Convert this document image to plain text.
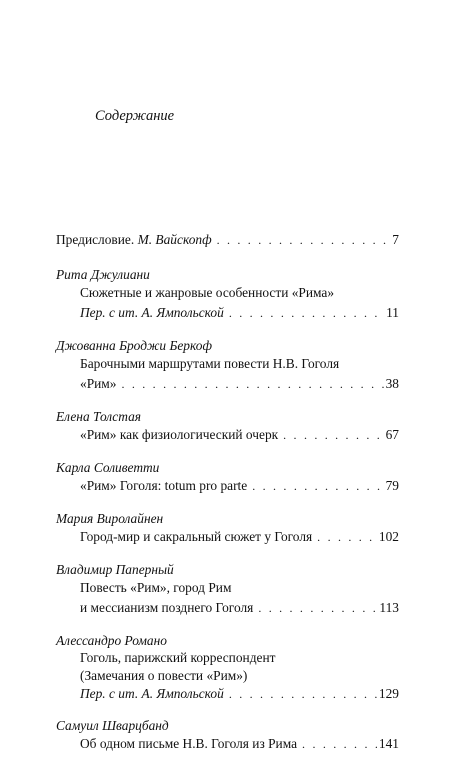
Содержание
Предисловие. М. Вайскопф . . .	7
Рита Джулиани
Сюжетные и жанровые особенности «Рима»
Пер. с ит. А. Ямпольской . . .	11
Джованна Броджи Беркоф
Барочными маршрутами повести Н.В. Гоголя
«Рим» . . .	38
Елена Толстая
«Рим» как физиологический очерк . . .	67
Карла Соливетти
«Рим» Гоголя: totum pro parte . . .	79
Мария Виролайнен
Город-мир и сакральный сюжет у Гоголя . . .	102
Владимир Паперный
Повесть «Рим», город Рим
и мессианизм позднего Гоголя . . .	113
Алессандро Романо
Гоголь, парижский корреспондент
(Замечания о повести «Рим»)
Пер. с ит. А. Ямпольской . . .	129
Самуил Шварцбанд
Об одном письме Н.В. Гоголя из Рима . . .	141
